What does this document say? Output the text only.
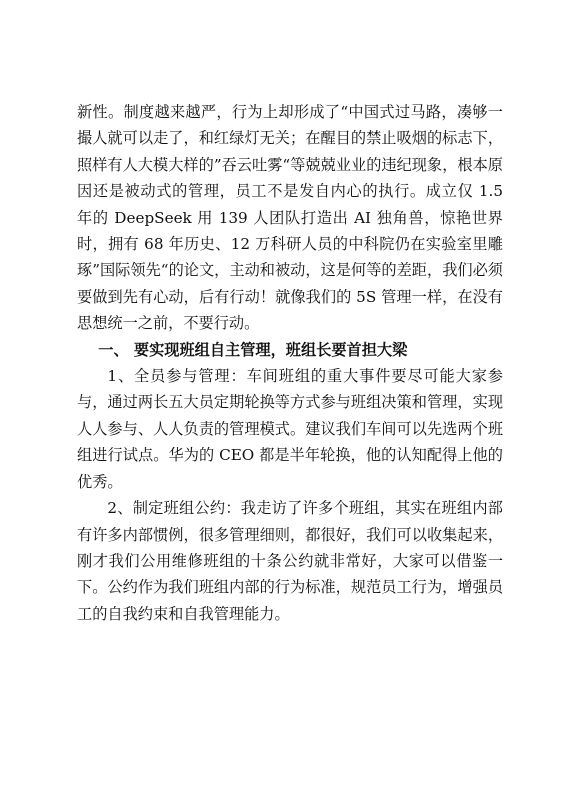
新性。制度越来越严，行为上却形成了“中国式过马路，凑够一撮人就可以走了，和红绿灯无关；在醒目的禁止吸烟的标志下，照样有人大模大样的”吞云吐雾“等兢兢业业的违纪现象，根本原因还是被动式的管理，员工不是发自内心的执行。成立仅 1.5 年的 DeepSeek 用 139 人团队打造出 AI 独角兽，惊艳世界时，拥有 68 年历史、12 万科研人员的中科院仍在实验室里雕琢”国际领先“的论文，主动和被动，这是何等的差距，我们必须要做到先有心动，后有行动！就像我们的 5S 管理一样，在没有思想统一之前，不要行动。

一、 要实现班组自主管理，班组长要首担大梁

1、全员参与管理：车间班组的重大事件要尽可能大家参与，通过两长五大员定期轮换等方式参与班组决策和管理，实现人人参与、人人负责的管理模式。建议我们车间可以先选两个班组进行试点。华为的 CEO 都是半年轮换，他的认知配得上他的优秀。

2、制定班组公约：我走访了许多个班组，其实在班组内部有许多内部惯例，很多管理细则，都很好，我们可以收集起来，刚才我们公用维修班组的十条公约就非常好，大家可以借鉴一下。公约作为我们班组内部的行为标准，规范员工行为，增强员工的自我约束和自我管理能力。
